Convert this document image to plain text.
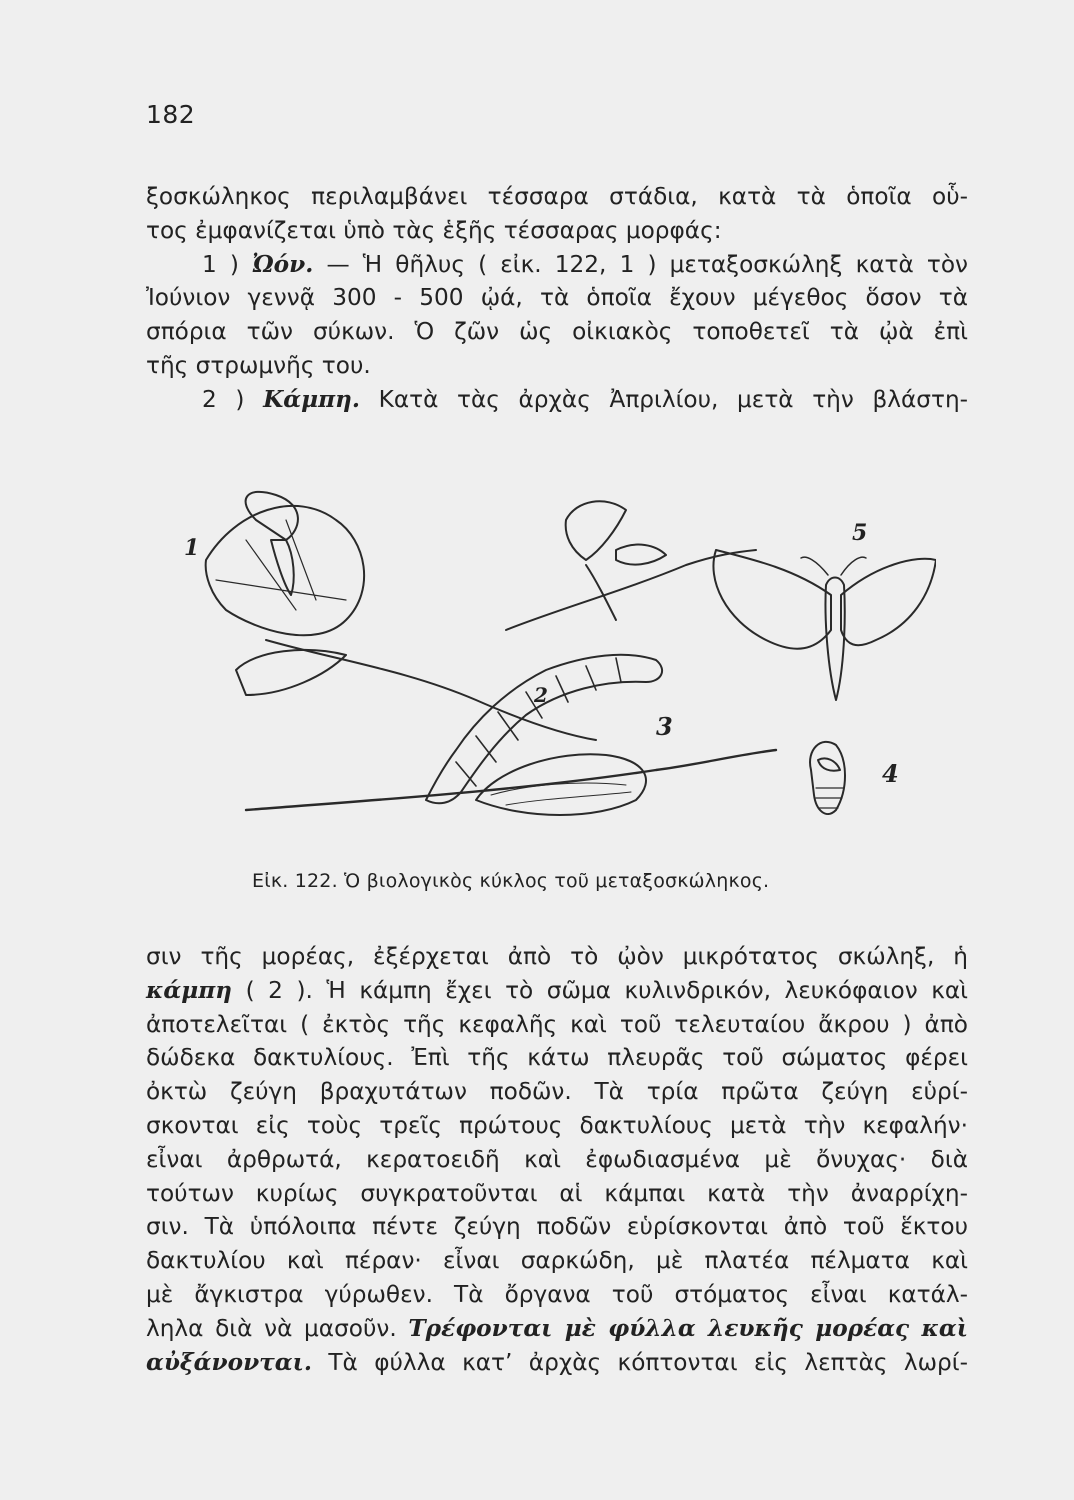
182
ξοσκώληκος περιλαμβάνει τέσσαρα στάδια, κατὰ τὰ ὁποῖα οὗ-
τος ἐμφανίζεται ὑπὸ τὰς ἑξῆς τέσσαρας μορφάς:
1 ) Ὠόν. — Ἡ θῆλυς ( εἰκ. 122, 1 ) μεταξοσκώληξ κατὰ τὸν
Ἰούνιον γεννᾷ 300 - 500 ᾠά, τὰ ὁποῖα ἔχουν μέγεθος ὅσον τὰ
σπόρια τῶν σύκων. Ὁ ζῶν ὡς οἰκιακὸς τοποθετεῖ τὰ ᾠὰ ἐπὶ
τῆς στρωμνῆς του.
2 ) Κάμπη. Κατὰ τὰς ἀρχὰς Ἀπριλίου, μετὰ τὴν βλάστη-
1
2
3
4
5
Εἰκ. 122. Ὁ βιολογικὸς κύκλος τοῦ μεταξοσκώληκος.
σιν τῆς μορέας, ἐξέρχεται ἀπὸ τὸ ᾠὸν μικρότατος σκώληξ, ἡ
κάμπη ( 2 ). Ἡ κάμπη ἔχει τὸ σῶμα κυλινδρικόν, λευκόφαιον καὶ
ἀποτελεῖται ( ἐκτὸς τῆς κεφαλῆς καὶ τοῦ τελευταίου ἄκρου ) ἀπὸ
δώδεκα δακτυλίους. Ἐπὶ τῆς κάτω πλευρᾶς τοῦ σώματος φέρει
ὀκτὼ ζεύγη βραχυτάτων ποδῶν. Τὰ τρία πρῶτα ζεύγη εὑρί-
σκονται εἰς τοὺς τρεῖς πρώτους δακτυλίους μετὰ τὴν κεφαλήν·
εἶναι ἀρθρωτά, κερατοειδῆ καὶ ἐφωδιασμένα μὲ ὄνυχας· διὰ
τούτων κυρίως συγκρατοῦνται αἱ κάμπαι κατὰ τὴν ἀναρρίχη-
σιν. Τὰ ὑπόλοιπα πέντε ζεύγη ποδῶν εὑρίσκονται ἀπὸ τοῦ ἕκτου
δακτυλίου καὶ πέραν· εἶναι σαρκώδη, μὲ πλατέα πέλματα καὶ
μὲ ἄγκιστρα γύρωθεν. Τὰ ὄργανα τοῦ στόματος εἶναι κατάλ-
ληλα διὰ νὰ μασοῦν. Τρέφονται μὲ φύλλα λευκῆς μορέας καὶ
αὐξάνονται. Τὰ φύλλα κατ’ ἀρχὰς κόπτονται εἰς λεπτὰς λωρί-
